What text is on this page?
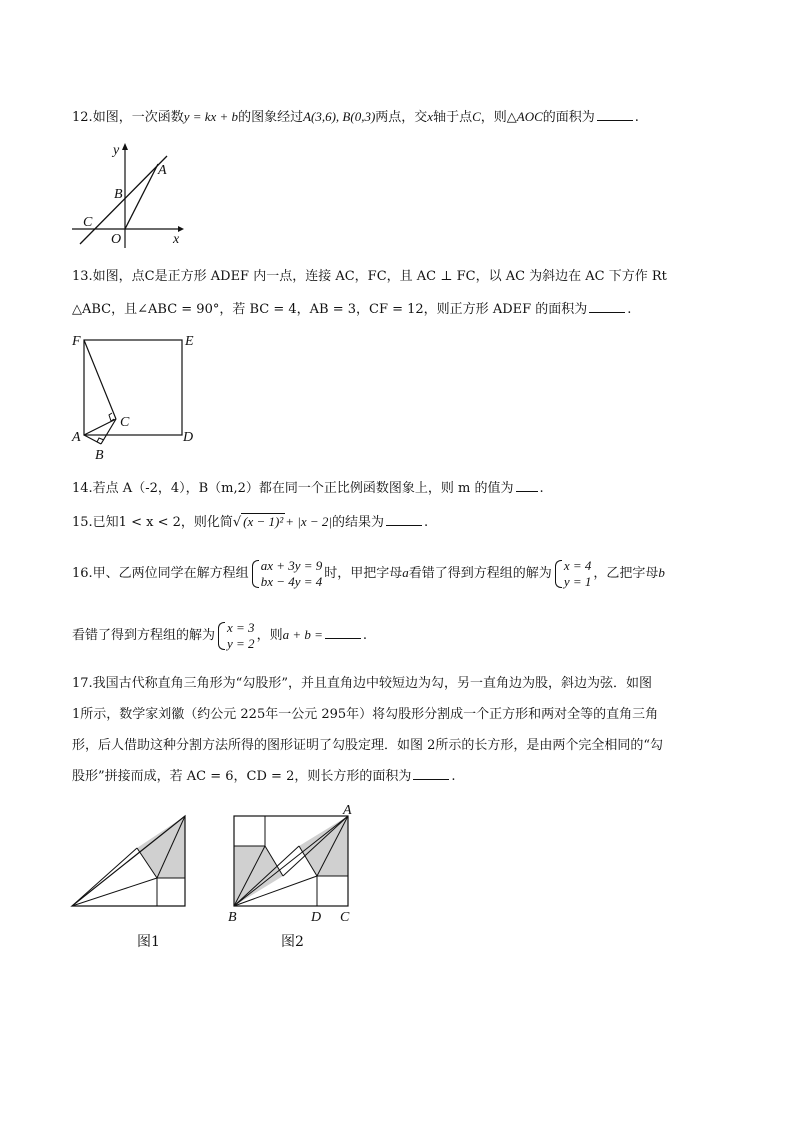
12.如图，一次函数y = kx + b的图象经过A(3,6), B(0,3)两点，交x轴于点C，则△AOC的面积为	.
y
x
A
B
C
O
13.如图，点C是正方形 ADEF 内一点，连接 AC，FC，且 AC ⊥ FC，以 AC 为斜边在 AC 下方作 Rt
△ABC，且∠ABC = 90°，若 BC = 4，AB = 3，CF = 12，则正方形 ADEF 的面积为	.
F	E
A	D
C
B
14.若点 A（-2，4），B（m,2）都在同一个正比例函数图象上，则 m 的值为 .
15.已知1 < x < 2，则化简√ (x − 1)² + |x − 2|的结果为	.
16.甲、乙两位同学在解方程组
ax + 3y = 9
bx − 4y = 4 时，甲把字母a看错了得到方程组的解为
x = 4
y = 1 ，乙把字母b
看错了得到方程组的解为
x = 3
y = 2 ，则a + b =	.
17.我国古代称直角三角形为“勾股形”，并且直角边中较短边为勾，另一直角边为股，斜边为弦．如图
1所示，数学家刘徽（约公元 225年一公元 295年）将勾股形分割成一个正方形和两对全等的直角三角
形，后人借助这种分割方法所得的图形证明了勾股定理．如图 2所示的长方形，是由两个完全相同的“勾
股形”拼接而成，若 AC = 6，CD = 2，则长方形的面积为	.
图1
A
B	D C
图2
